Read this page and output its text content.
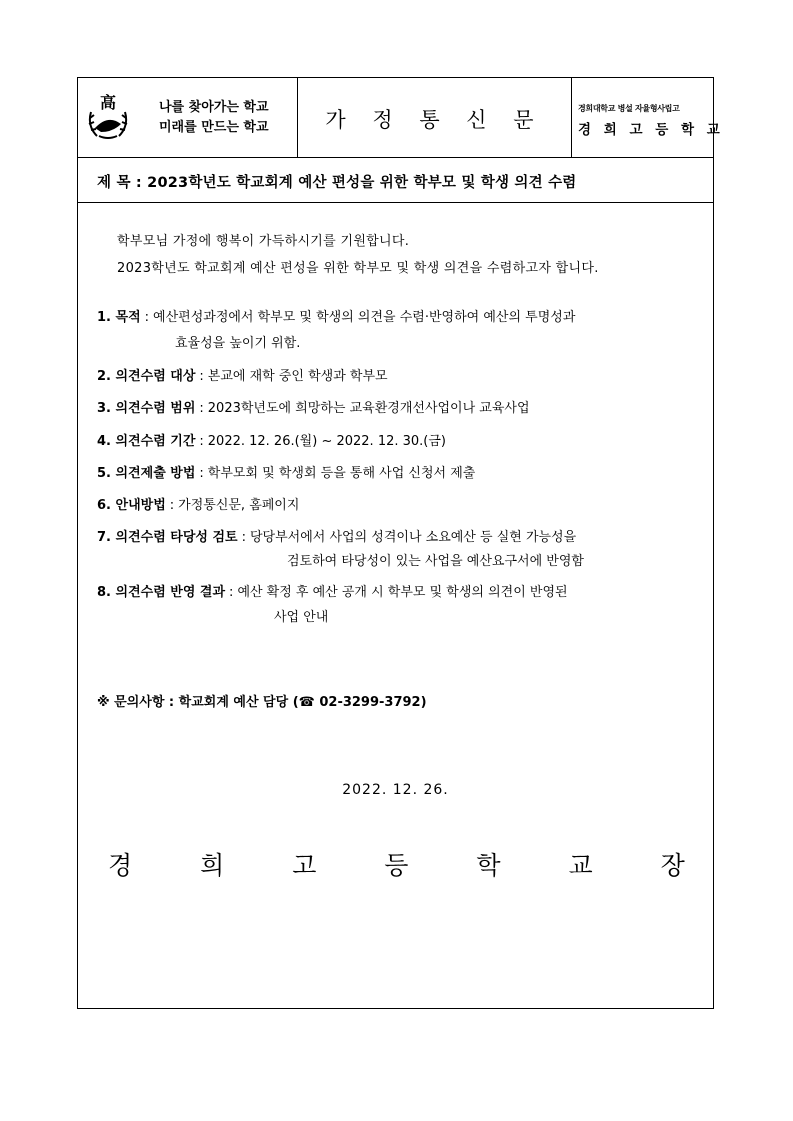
高	나를 찾아가는 학교
미래를 만드는 학교	가 정 통 신 문	경희대학교 병설 자율형사립고
경 희 고 등 학 교
제 목 : 2023학년도 학교회계 예산 편성을 위한 학부모 및 학생 의견 수렴
학부모님 가정에 행복이 가득하시기를 기원합니다.
2023학년도 학교회계 예산 편성을 위한 학부모 및 학생 의견을 수렴하고자 합니다.
1. 목적 : 예산편성과정에서 학부모 및 학생의 의견을 수렴·반영하여 예산의 투명성과
효율성을 높이기 위함.
2. 의견수렴 대상 : 본교에 재학 중인 학생과 학부모
3. 의견수렴 범위 : 2023학년도에 희망하는 교육환경개선사업이나 교육사업
4. 의견수렴 기간 : 2022. 12. 26.(월) ~ 2022. 12. 30.(금)
5. 의견제출 방법 : 학부모회 및 학생회 등을 통해 사업 신청서 제출
6. 안내방법 : 가정통신문, 홈페이지
7. 의견수렴 타당성 검토 : 당당부서에서 사업의 성격이나 소요예산 등 실현 가능성을
검토하여 타당성이 있는 사업을 예산요구서에 반영함
8. 의견수렴 반영 결과 : 예산 확정 후 예산 공개 시 학부모 및 학생의 의견이 반영된
사업 안내
※ 문의사항 : 학교회계 예산 담당 (☎ 02-3299-3792)
2022. 12. 26.
경 희 고 등 학 교 장
